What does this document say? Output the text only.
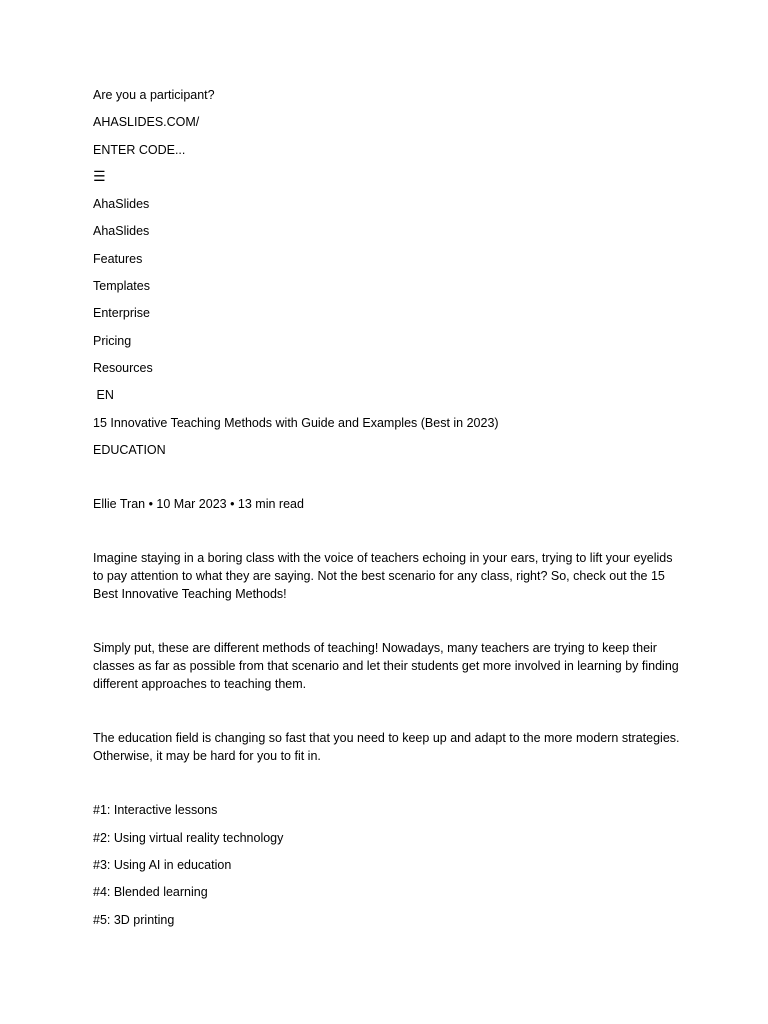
Are you a participant?

AHASLIDES.COM/

ENTER CODE...

☰

AhaSlides

AhaSlides

Features

Templates

Enterprise

Pricing

Resources

EN

15 Innovative Teaching Methods with Guide and Examples (Best in 2023)

EDUCATION

Ellie Tran • 10 Mar 2023 • 13 min read

Imagine staying in a boring class with the voice of teachers echoing in your ears, trying to lift your eyelids to pay attention to what they are saying. Not the best scenario for any class, right? So, check out the 15 Best Innovative Teaching Methods!

Simply put, these are different methods of teaching! Nowadays, many teachers are trying to keep their classes as far as possible from that scenario and let their students get more involved in learning by finding different approaches to teaching them.

The education field is changing so fast that you need to keep up and adapt to the more modern strategies. Otherwise, it may be hard for you to fit in.

#1: Interactive lessons

#2: Using virtual reality technology

#3: Using AI in education

#4: Blended learning

#5: 3D printing
